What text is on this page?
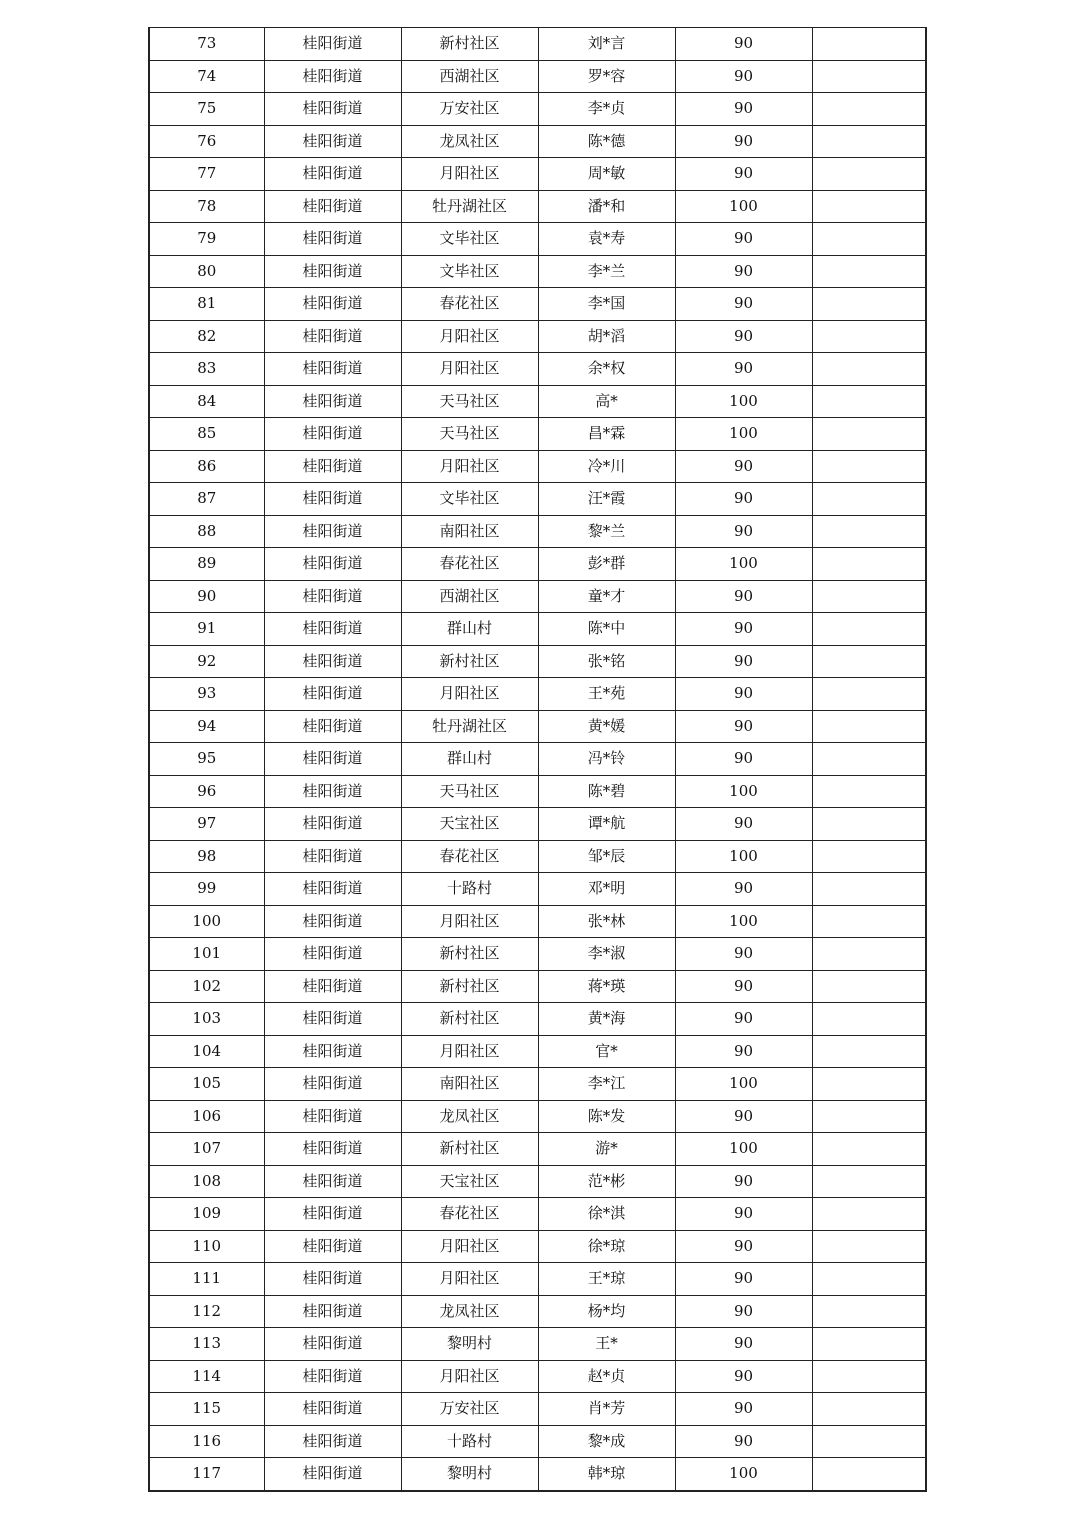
73	桂阳街道	新村社区	刘*言	90	
74	桂阳街道	西湖社区	罗*容	90	
75	桂阳街道	万安社区	李*贞	90	
76	桂阳街道	龙凤社区	陈*德	90	
77	桂阳街道	月阳社区	周*敏	90	
78	桂阳街道	牡丹湖社区	潘*和	100	
79	桂阳街道	文毕社区	袁*寿	90	
80	桂阳街道	文毕社区	李*兰	90	
81	桂阳街道	春花社区	李*国	90	
82	桂阳街道	月阳社区	胡*滔	90	
83	桂阳街道	月阳社区	余*权	90	
84	桂阳街道	天马社区	高*	100	
85	桂阳街道	天马社区	昌*霖	100	
86	桂阳街道	月阳社区	冷*川	90	
87	桂阳街道	文毕社区	汪*霞	90	
88	桂阳街道	南阳社区	黎*兰	90	
89	桂阳街道	春花社区	彭*群	100	
90	桂阳街道	西湖社区	童*才	90	
91	桂阳街道	群山村	陈*中	90	
92	桂阳街道	新村社区	张*铭	90	
93	桂阳街道	月阳社区	王*苑	90	
94	桂阳街道	牡丹湖社区	黄*媛	90	
95	桂阳街道	群山村	冯*铃	90	
96	桂阳街道	天马社区	陈*碧	100	
97	桂阳街道	天宝社区	谭*航	90	
98	桂阳街道	春花社区	邹*辰	100	
99	桂阳街道	十路村	邓*明	90	
100	桂阳街道	月阳社区	张*林	100	
101	桂阳街道	新村社区	李*淑	90	
102	桂阳街道	新村社区	蒋*瑛	90	
103	桂阳街道	新村社区	黄*海	90	
104	桂阳街道	月阳社区	官*	90	
105	桂阳街道	南阳社区	李*江	100	
106	桂阳街道	龙凤社区	陈*发	90	
107	桂阳街道	新村社区	游*	100	
108	桂阳街道	天宝社区	范*彬	90	
109	桂阳街道	春花社区	徐*淇	90	
110	桂阳街道	月阳社区	徐*琼	90	
111	桂阳街道	月阳社区	王*琼	90	
112	桂阳街道	龙凤社区	杨*均	90	
113	桂阳街道	黎明村	王*	90	
114	桂阳街道	月阳社区	赵*贞	90	
115	桂阳街道	万安社区	肖*芳	90	
116	桂阳街道	十路村	黎*成	90	
117	桂阳街道	黎明村	韩*琼	100	
